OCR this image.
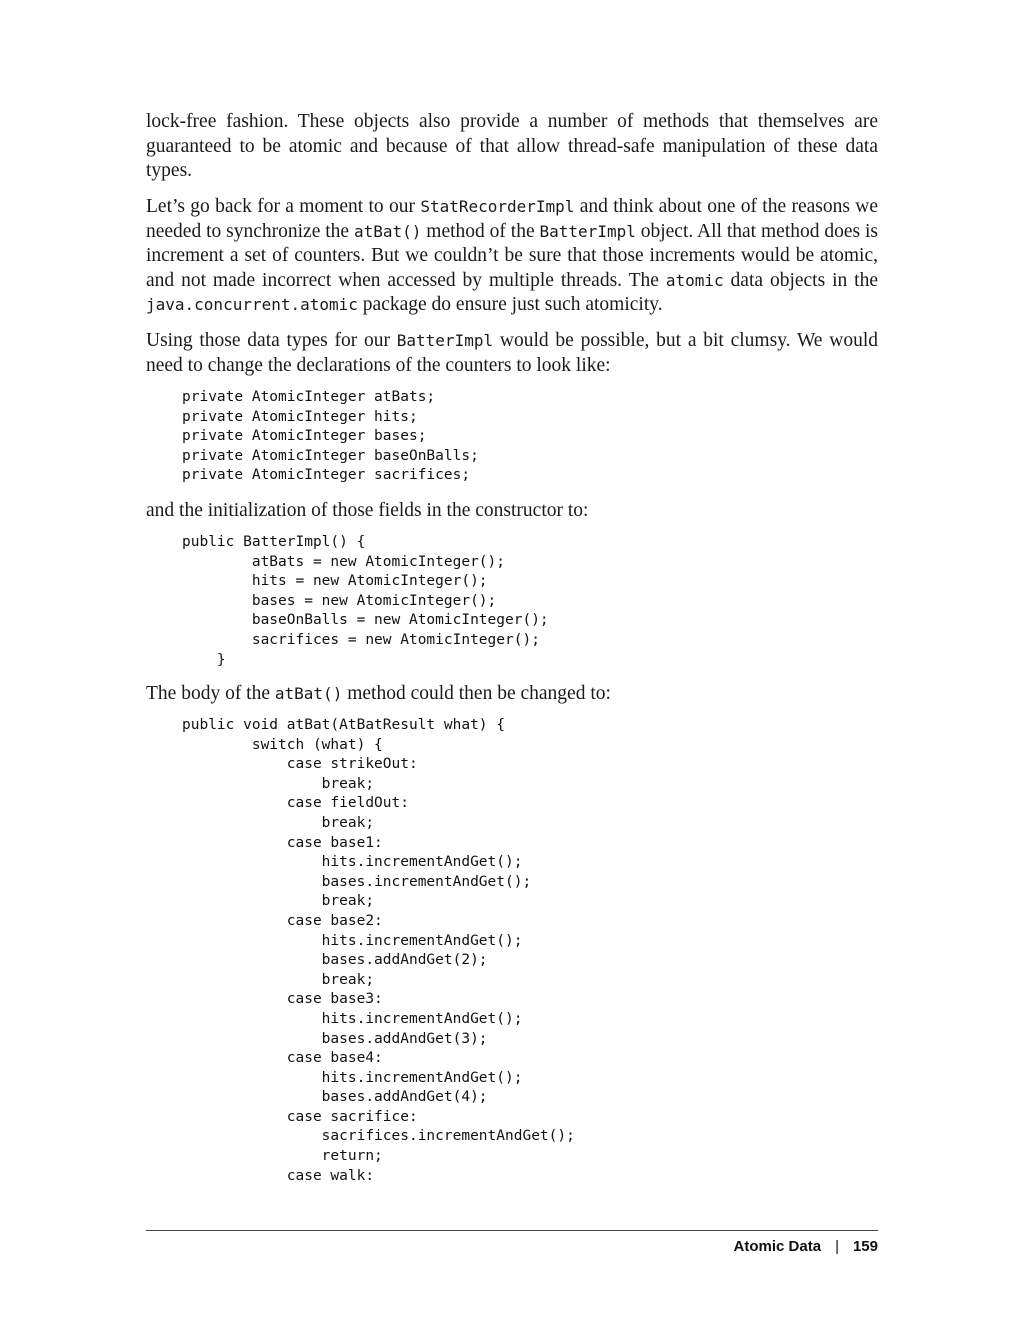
lock-free fashion. These objects also provide a number of methods that themselves are guaranteed to be atomic and because of that allow thread-safe manipulation of these data types.

Let’s go back for a moment to our StatRecorderImpl and think about one of the reasons we needed to synchronize the atBat() method of the BatterImpl object. All that method does is increment a set of counters. But we couldn’t be sure that those increments would be atomic, and not made incorrect when accessed by multiple threads. The atomic data objects in the java.concurrent.atomic package do ensure just such atomicity.

Using those data types for our BatterImpl would be possible, but a bit clumsy. We would need to change the declarations of the counters to look like:

private AtomicInteger atBats;
private AtomicInteger hits;
private AtomicInteger bases;
private AtomicInteger baseOnBalls;
private AtomicInteger sacrifices;

and the initialization of those fields in the constructor to:

public BatterImpl() {
atBats = new AtomicInteger();
hits = new AtomicInteger();
bases = new AtomicInteger();
baseOnBalls = new AtomicInteger();
sacrifices = new AtomicInteger();
}

The body of the atBat() method could then be changed to:

public void atBat(AtBatResult what) {
switch (what) {
case strikeOut:
break;
case fieldOut:
break;
case base1:
hits.incrementAndGet();
bases.incrementAndGet();
break;
case base2:
hits.incrementAndGet();
bases.addAndGet(2);
break;
case base3:
hits.incrementAndGet();
bases.addAndGet(3);
case base4:
hits.incrementAndGet();
bases.addAndGet(4);
case sacrifice:
sacrifices.incrementAndGet();
return;
case walk:
Atomic Data | 159
